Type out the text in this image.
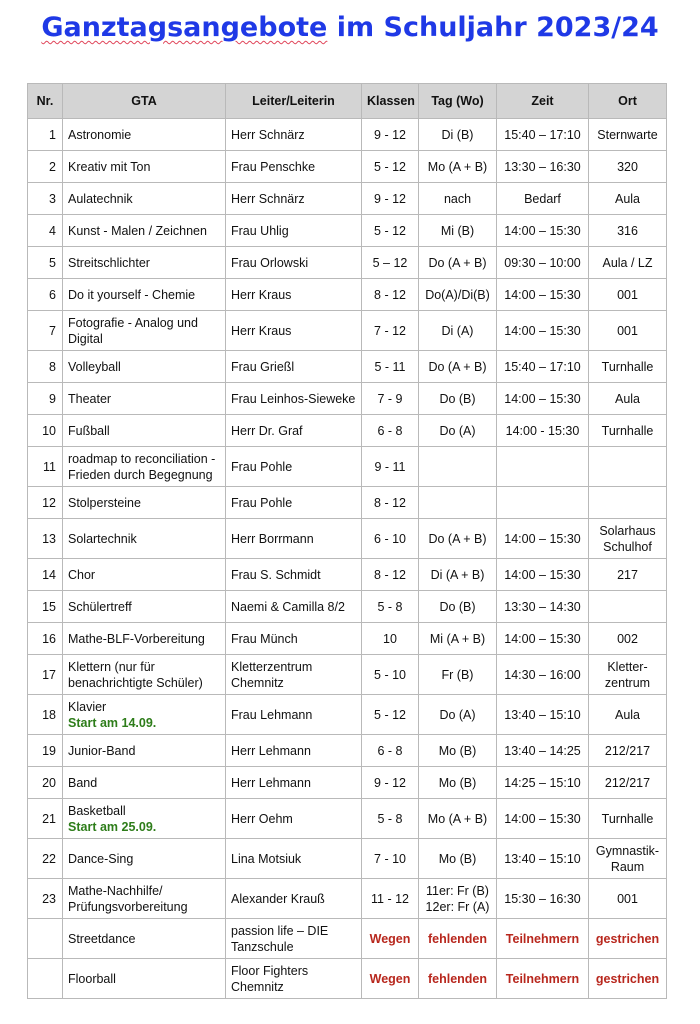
Ganztagsangebote im Schuljahr 2023/24
Nr.	GTA	Leiter/Leiterin	Klassen	Tag (Wo)	Zeit	Ort
1	Astronomie	Herr Schnärz	9 - 12	Di (B)	15:40 – 17:10	Sternwarte

2	Kreativ mit Ton	Frau Penschke	5 - 12	Mo (A + B)	13:30 – 16:30	320

3	Aulatechnik	Herr Schnärz	9 - 12	nach	Bedarf	Aula

4	Kunst - Malen / Zeichnen	Frau Uhlig	5 - 12	Mi (B)	14:00 – 15:30	316

5	Streitschlichter	Frau Orlowski	5 – 12	Do (A + B)	09:30 – 10:00	Aula / LZ

6	Do it yourself - Chemie	Herr Kraus	8 - 12	Do(A)/Di(B)	14:00 – 15:30	001

7	Fotografie - Analog und
Digital	Herr Kraus	7 - 12	Di (A)	14:00 – 15:30	001

8	Volleyball	Frau Grießl	5 - 11	Do (A + B)	15:40 – 17:10	Turnhalle

9	Theater	Frau Leinhos-Sieweke	7 - 9	Do (B)	14:00 – 15:30	Aula

10	Fußball	Herr Dr. Graf	6 - 8	Do (A)	14:00 - 15:30	Turnhalle

11	roadmap to reconciliation -
Frieden durch Begegnung	Frau Pohle	9 - 11	

12	Stolpersteine	Frau Pohle	8 - 12	

13	Solartechnik	Herr Borrmann	6 - 10	Do (A + B)	14:00 – 15:30	Solarhaus
Schulhof

14	Chor	Frau S. Schmidt	8 - 12	Di (A + B)	14:00 – 15:30	217

15	Schülertreff	Naemi & Camilla 8/2	5 - 8	Do (B)	13:30 – 14:30	

16	Mathe-BLF-Vorbereitung	Frau Münch	10	Mi (A + B)	14:00 – 15:30	002

17	Klettern (nur für
benachrichtigte Schüler)	Kletterzentrum
Chemnitz	5 - 10	Fr (B)	14:30 – 16:00	Kletter-
zentrum

18	Klavier
Start am 14.09.	Frau Lehmann	5 - 12	Do (A)	13:40 – 15:10	Aula

19	Junior-Band	Herr Lehmann	6 - 8	Mo (B)	13:40 – 14:25	212/217

20	Band	Herr Lehmann	9 - 12	Mo (B)	14:25 – 15:10	212/217

21	Basketball
Start am 25.09.	Herr Oehm	5 - 8	Mo (A + B)	14:00 – 15:30	Turnhalle

22	Dance-Sing	Lina Motsiuk	7 - 10	Mo (B)	13:40 – 15:10	Gymnastik-
Raum

23	Mathe-Nachhilfe/
Prüfungsvorbereitung	Alexander Krauß	11 - 12	11er: Fr (B)
12er: Fr (A)	15:30 – 16:30	001

	Streetdance	passion life – DIE
Tanzschule	Wegen	fehlenden	Teilnehmern	gestrichen

	Floorball	Floor Fighters
Chemnitz	Wegen	fehlenden	Teilnehmern	gestrichen
